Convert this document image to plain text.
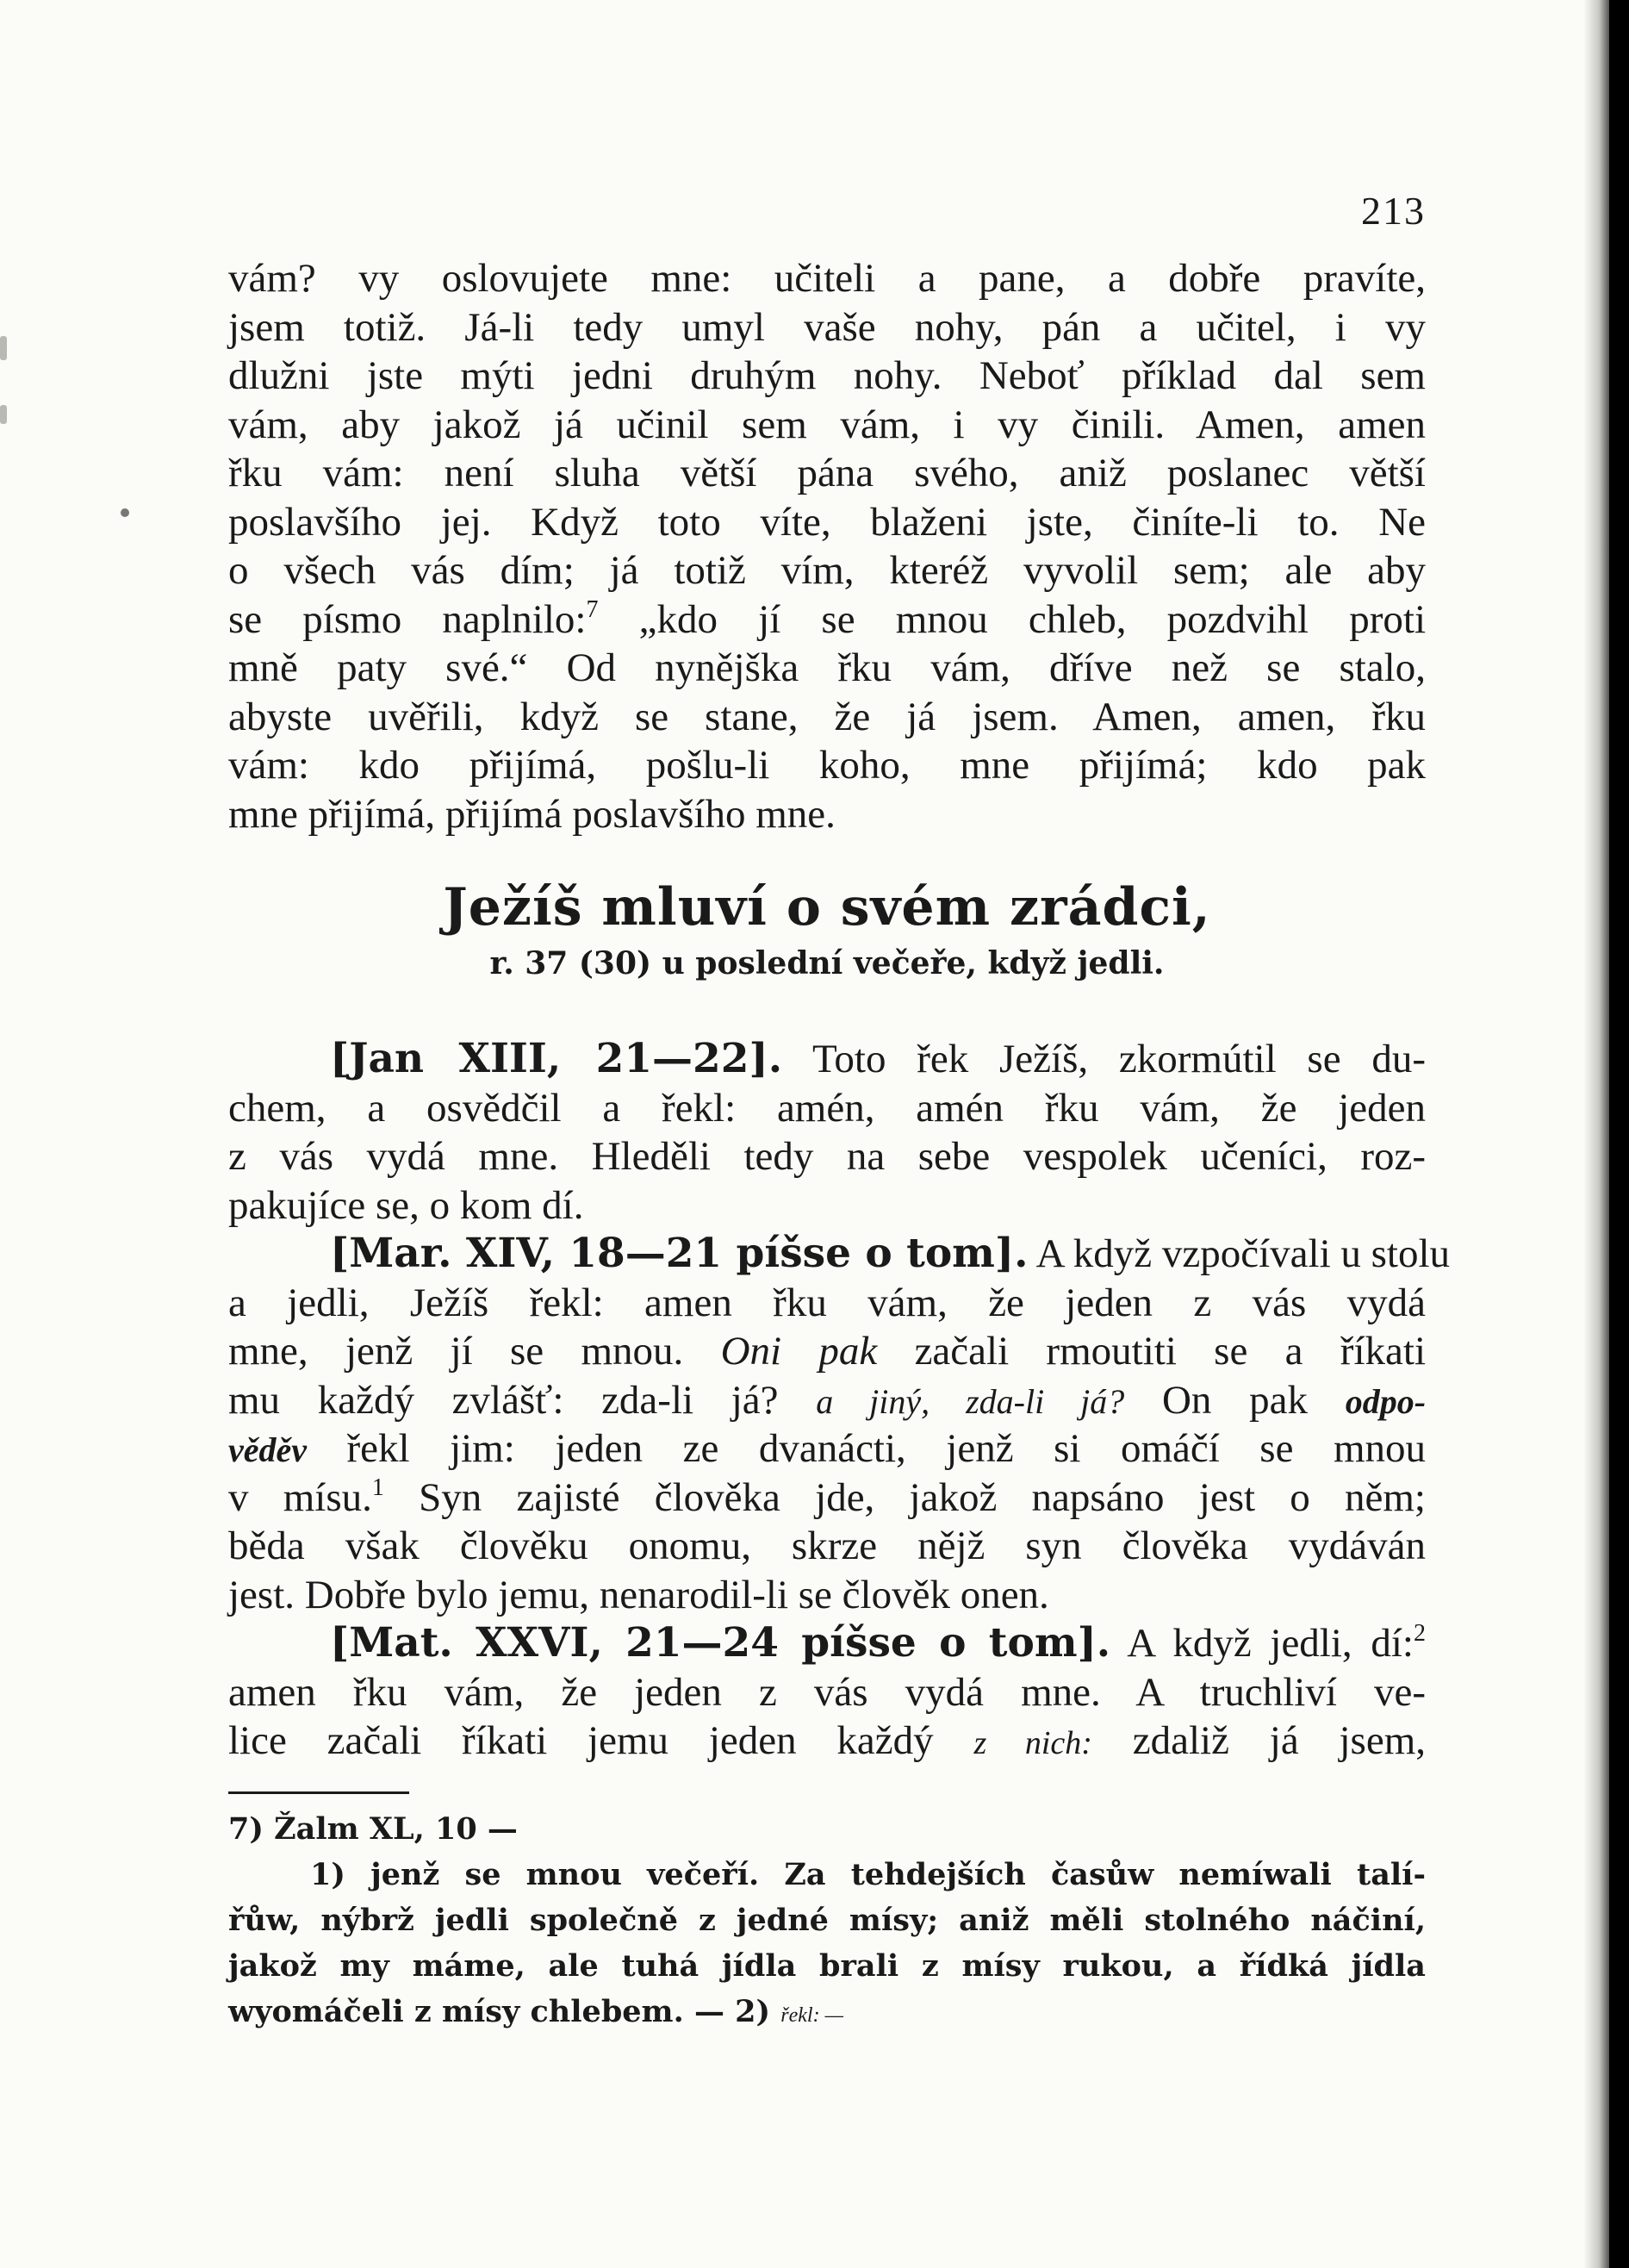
213
vám? vy oslovujete mne: učiteli a pane, a dobře pravíte,
jsem totiž. Já-li tedy umyl vaše nohy, pán a učitel, i vy
dlužni jste mýti jedni druhým nohy. Neboť příklad dal sem
vám, aby jakož já učinil sem vám, i vy činili. Amen, amen
řku vám: není sluha větší pána svého, aniž poslanec větší
poslavšího jej. Když toto víte, blaženi jste, činíte-li to. Ne
o všech vás dím; já totiž vím, kteréž vyvolil sem; ale aby
se písmo naplnilo:$^7$ „kdo jí se mnou chleb, pozdvihl proti
mně paty své.“ Od nynějška řku vám, dříve než se stalo,
abyste uvěřili, když se stane, že já jsem. Amen, amen, řku
vám: kdo přijímá, pošlu-li koho, mne přijímá; kdo pak
mne přijímá, přijímá poslavšího mne.
Ježíš mluví o svém zrádci,
r. 37 (30) u poslední večeře, když jedli.
[Jan XIII, 21—22]. Toto řek Ježíš, zkormútil se du-
chem, a osvědčil a řekl: amén, amén řku vám, že jeden
z vás vydá mne. Hleděli tedy na sebe vespolek učeníci, roz-
pakujíce se, o kom dí.
[Mar. XIV, 18—21 píšse o tom]. A když vzpočívali u stolu
a jedli, Ježíš řekl: amen řku vám, že jeden z vás vydá
mne, jenž jí se mnou. Oni pak začali rmoutiti se a říkati
mu každý zvlášť: zda-li já? a jiný, zda-li já? On pak odpo-
věděv řekl jim: jeden ze dvanácti, jenž si omáčí se mnou
v mísu.$^1$ Syn zajisté člověka jde, jakož napsáno jest o něm;
běda však člověku onomu, skrze nějž syn člověka vydáván
jest. Dobře bylo jemu, nenarodil-li se člověk onen.
[Mat. XXVI, 21—24 píšse o tom]. A když jedli, dí:$^2$
amen řku vám, že jeden z vás vydá mne. A truchliví ve-
lice začali říkati jemu jeden každý z nich: zdaliž já jsem,
7) Žalm XL, 10 —
1) jenž se mnou večeří. Za tehdejších časůw nemíwali talí-
řůw, nýbrž jedli společně z jedné mísy; aniž měli stolného náčiní,
jakož my máme, ale tuhá jídla brali z mísy rukou, a řídká jídla
wyomáčeli z mísy chlebem. — 2) řekl: —
